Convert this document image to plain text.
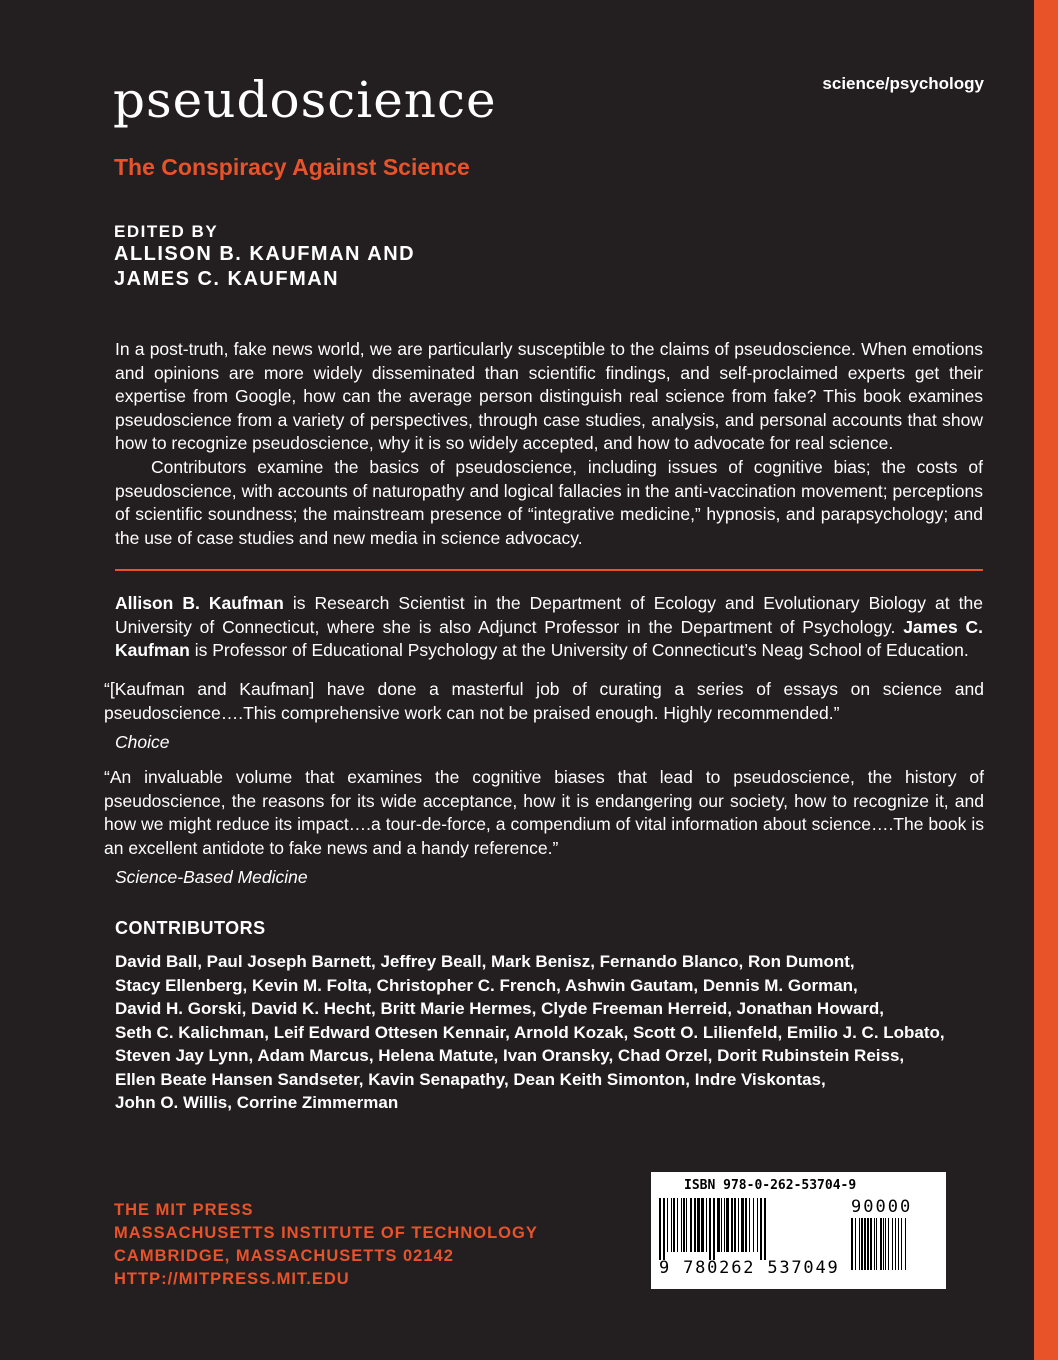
science/psychology
pseudoscience
The Conspiracy Against Science
EDITED BY
ALLISON B. KAUFMAN AND
JAMES C. KAUFMAN

In a post-truth, fake news world, we are particularly susceptible to the claims of pseudoscience. When emotions and opinions are more widely disseminated than scientific findings, and self-proclaimed experts get their expertise from Google, how can the average person distinguish real science from fake? This book examines pseudoscience from a variety of perspectives, through case studies, analysis, and personal accounts that show how to recognize pseudoscience, why it is so widely accepted, and how to advocate for real science.

Contributors examine the basics of pseudoscience, including issues of cognitive bias; the costs of pseudoscience, with accounts of naturopathy and logical fallacies in the anti-vaccination movement; perceptions of scientific soundness; the mainstream presence of “integrative medicine,” hypnosis, and parapsychology; and the use of case studies and new media in science advocacy.

Allison B. Kaufman is Research Scientist in the Department of Ecology and Evolutionary Biology at the University of Connecticut, where she is also Adjunct Professor in the Department of Psychology. James C. Kaufman is Professor of Educational Psychology at the University of Connecticut’s Neag School of Education.

“[Kaufman and Kaufman] have done a masterful job of curating a series of essays on science and pseudoscience….This comprehensive work can not be praised enough. Highly recommended.”

Choice

“An invaluable volume that examines the cognitive biases that lead to pseudoscience, the history of pseudoscience, the reasons for its wide acceptance, how it is endangering our society, how to recognize it, and how we might reduce its impact….a tour-de-force, a compendium of vital information about science….The book is an excellent antidote to fake news and a handy reference.”

Science-Based Medicine
CONTRIBUTORS
David Ball, Paul Joseph Barnett, Jeffrey Beall, Mark Benisz, Fernando Blanco, Ron Dumont,
Stacy Ellenberg, Kevin M. Folta, Christopher C. French, Ashwin Gautam, Dennis M. Gorman,
David H. Gorski, David K. Hecht, Britt Marie Hermes, Clyde Freeman Herreid, Jonathan Howard,
Seth C. Kalichman, Leif Edward Ottesen Kennair, Arnold Kozak, Scott O. Lilienfeld, Emilio J. C. Lobato,
Steven Jay Lynn, Adam Marcus, Helena Matute, Ivan Oransky, Chad Orzel, Dorit Rubinstein Reiss,
Ellen Beate Hansen Sandseter, Kavin Senapathy, Dean Keith Simonton, Indre Viskontas,
John O. Willis, Corrine Zimmerman
THE MIT PRESS
MASSACHUSETTS INSTITUTE OF TECHNOLOGY
CAMBRIDGE, MASSACHUSETTS 02142
HTTP://MITPRESS.MIT.EDU
ISBN 978-0-262-53704-9
9 780262 537049
90000
